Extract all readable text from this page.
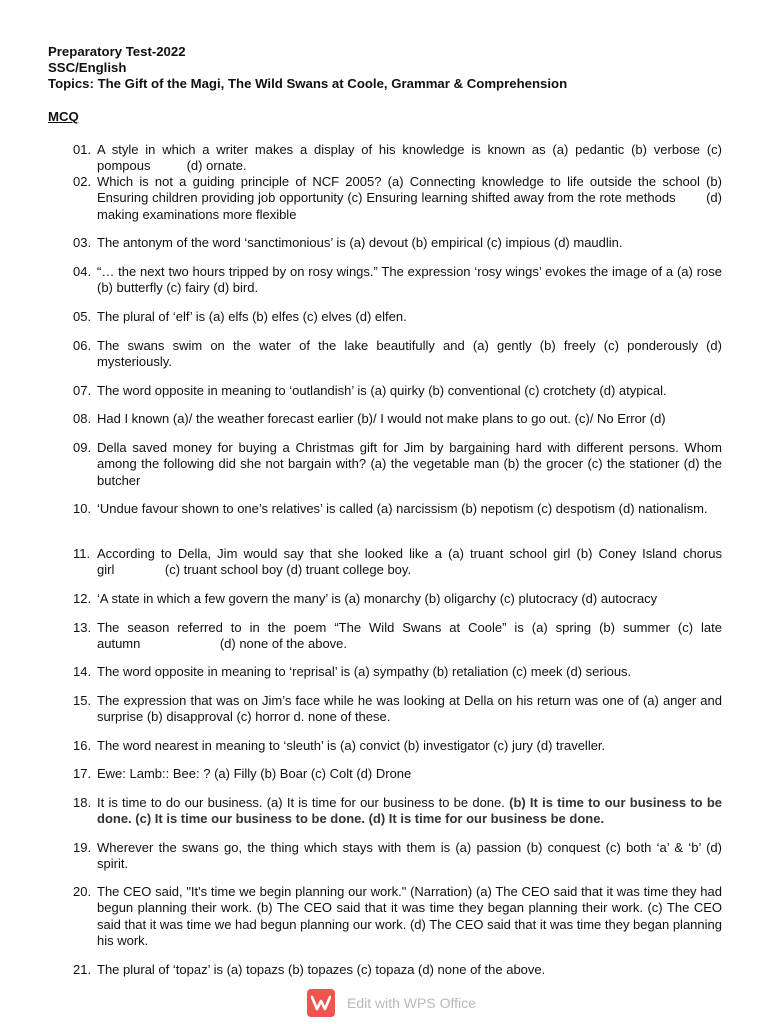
Preparatory Test-2022
SSC/English
Topics: The Gift of the Magi, The Wild Swans at Coole, Grammar & Comprehension
MCQ
01. A style in which a writer makes a display of his knowledge is known as (a) pedantic (b) verbose (c) pompous          (d) ornate.
02. Which is not a guiding principle of NCF 2005? (a) Connecting knowledge to life outside the school (b) Ensuring children providing job opportunity (c) Ensuring learning shifted away from the rote methods        (d) making examinations more flexible
03. The antonym of the word ‘sanctimonious’ is (a) devout (b) empirical (c) impious (d) maudlin.
04. “… the next two hours tripped by on rosy wings.” The expression ‘rosy wings’ evokes the image of a (a) rose (b) butterfly (c) fairy (d) bird.
05. The plural of ‘elf’ is (a) elfs (b) elfes (c) elves (d) elfen.
06. The swans swim on the water of the lake beautifully and (a) gently (b) freely (c) ponderously (d) mysteriously.
07. The word opposite in meaning to ‘outlandish’ is (a) quirky (b) conventional (c) crotchety (d) atypical.
08. Had I known (a)/ the weather forecast earlier (b)/ I would not make plans to go out. (c)/ No Error (d)
09. Della saved money for buying a Christmas gift for Jim by bargaining hard with different persons. Whom among the following did she not bargain with? (a) the vegetable man (b) the grocer (c) the stationer (d) the butcher
10. ‘Undue favour shown to one’s relatives’ is called (a) narcissism (b) nepotism (c) despotism (d) nationalism.
11. According to Della, Jim would say that she looked like a (a) truant school girl (b) Coney Island chorus girl              (c) truant school boy (d) truant college boy.
12. ‘A state in which a few govern the many’ is (a) monarchy (b) oligarchy (c) plutocracy (d) autocracy
13. The season referred to in the poem “The Wild Swans at Coole” is (a) spring (b) summer (c) late autumn                      (d) none of the above.
14. The word opposite in meaning to ‘reprisal’ is (a) sympathy (b) retaliation (c) meek (d) serious.
15. The expression that was on Jim’s face while he was looking at Della on his return was one of (a) anger and surprise (b) disapproval (c) horror d. none of these.
16. The word nearest in meaning to ‘sleuth’ is (a) convict (b) investigator (c) jury (d) traveller.
17. Ewe: Lamb:: Bee: ? (a) Filly (b) Boar (c) Colt (d) Drone
18. It is time to do our business. (a) It is time for our business to be done. (b) It is time to our business to be done. (c) It is time our business to be done. (d) It is time for our business be done.
19. Wherever the swans go, the thing which stays with them is (a) passion (b) conquest (c) both ‘a’ & ‘b’ (d) spirit.
20. The CEO said, "It's time we begin planning our work." (Narration) (a) The CEO said that it was time they had begun planning their work. (b) The CEO said that it was time they began planning their work. (c) The CEO said that it was time we had begun planning our work. (d) The CEO said that it was time they began planning his work.
21. The plural of ‘topaz’ is (a) topazs (b) topazes (c) topaza (d) none of the above.
Edit with WPS Office
